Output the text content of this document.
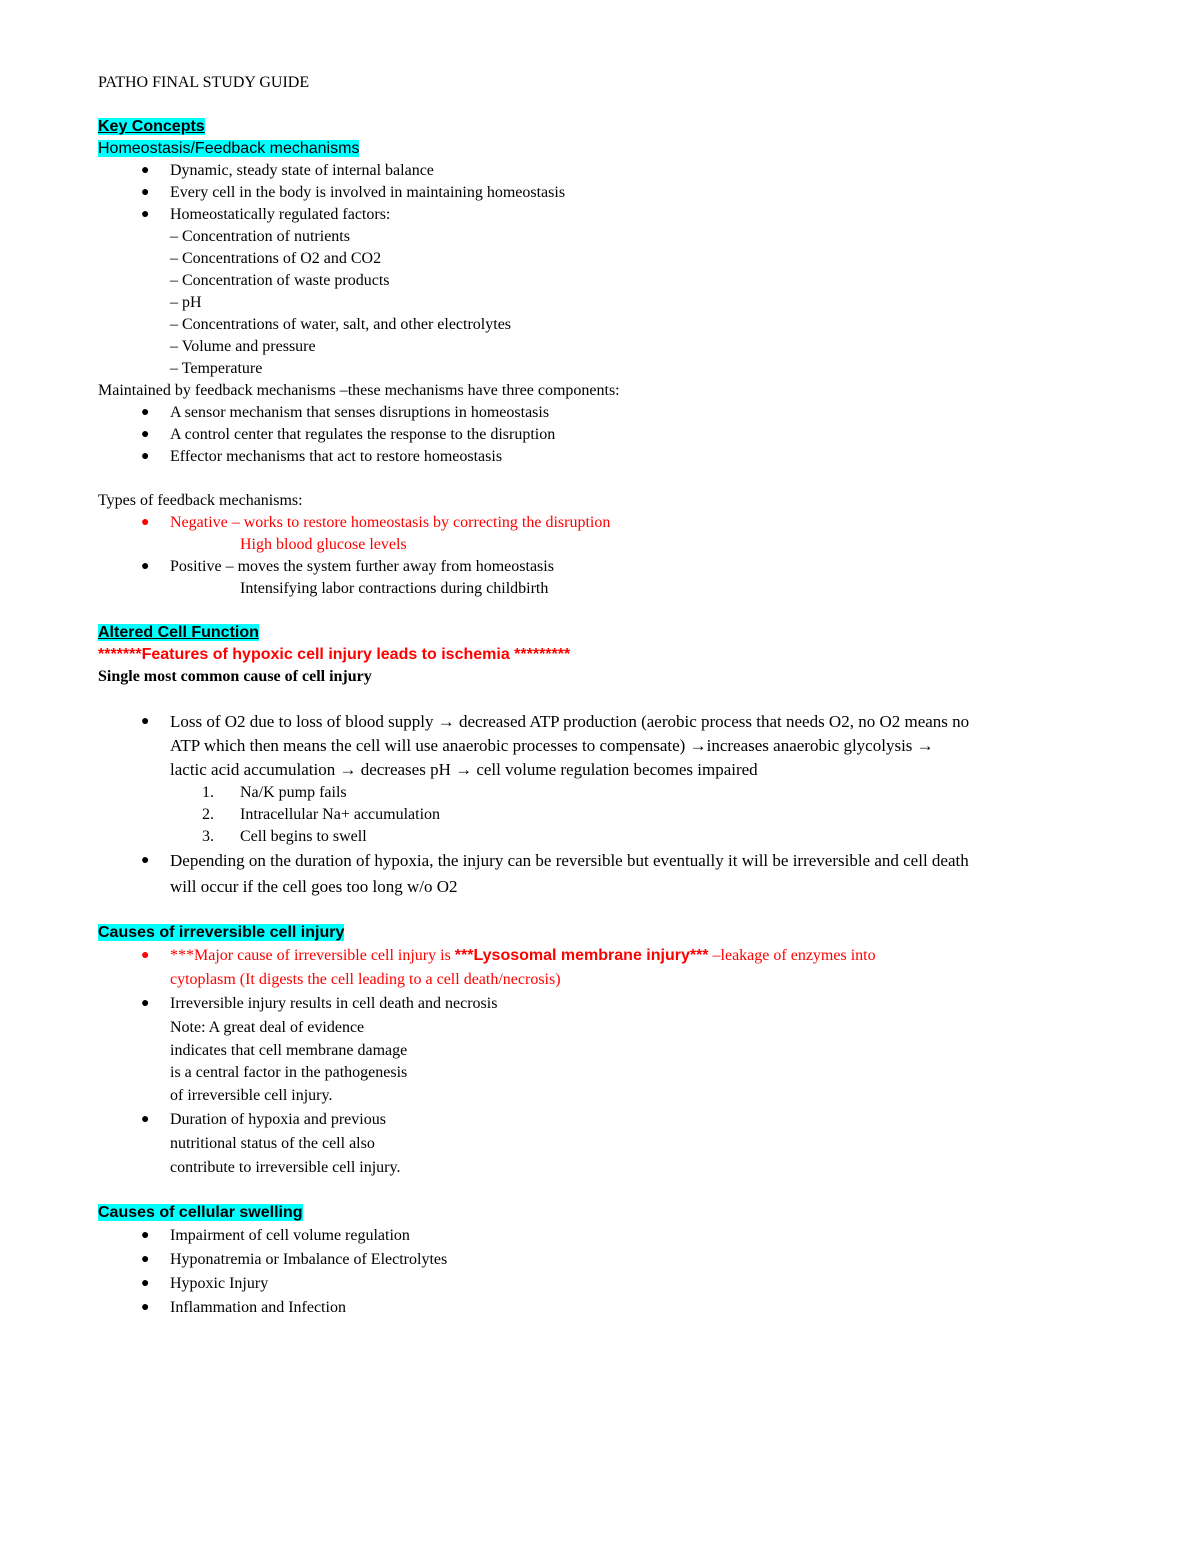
PATHO FINAL STUDY GUIDE
Key Concepts
Homeostasis/Feedback mechanisms
● Dynamic, steady state of internal balance
● Every cell in the body is involved in maintaining homeostasis
● Homeostatically regulated factors:
– Concentration of nutrients
– Concentrations of O2 and CO2
– Concentration of waste products
– pH
– Concentrations of water, salt, and other electrolytes
– Volume and pressure
– Temperature
Maintained by feedback mechanisms –these mechanisms have three components:
● A sensor mechanism that senses disruptions in homeostasis
● A control center that regulates the response to the disruption
● Effector mechanisms that act to restore homeostasis
Types of feedback mechanisms:
● Negative – works to restore homeostasis by correcting the disruption
High blood glucose levels
● Positive – moves the system further away from homeostasis
Intensifying labor contractions during childbirth
Altered Cell Function
*******Features of hypoxic cell injury leads to ischemia *********
Single most common cause of cell injury
● Loss of O2 due to loss of blood supply → decreased ATP production (aerobic process that needs O2, no O2 means no
ATP which then means the cell will use anaerobic processes to compensate) →increases anaerobic glycolysis →
lactic acid accumulation → decreases pH → cell volume regulation becomes impaired
1. Na/K pump fails
2. Intracellular Na+ accumulation
3. Cell begins to swell
● Depending on the duration of hypoxia, the injury can be reversible but eventually it will be irreversible and cell death
will occur if the cell goes too long w/o O2
Causes of irreversible cell injury
● ***Major cause of irreversible cell injury is ***Lysosomal membrane injury*** –leakage of enzymes into
cytoplasm (It digests the cell leading to a cell death/necrosis)
● Irreversible injury results in cell death and necrosis
Note: A great deal of evidence
indicates that cell membrane damage
is a central factor in the pathogenesis
of irreversible cell injury.
● Duration of hypoxia and previous
nutritional status of the cell also
contribute to irreversible cell injury.
Causes of cellular swelling
● Impairment of cell volume regulation
● Hyponatremia or Imbalance of Electrolytes
● Hypoxic Injury
● Inflammation and Infection
